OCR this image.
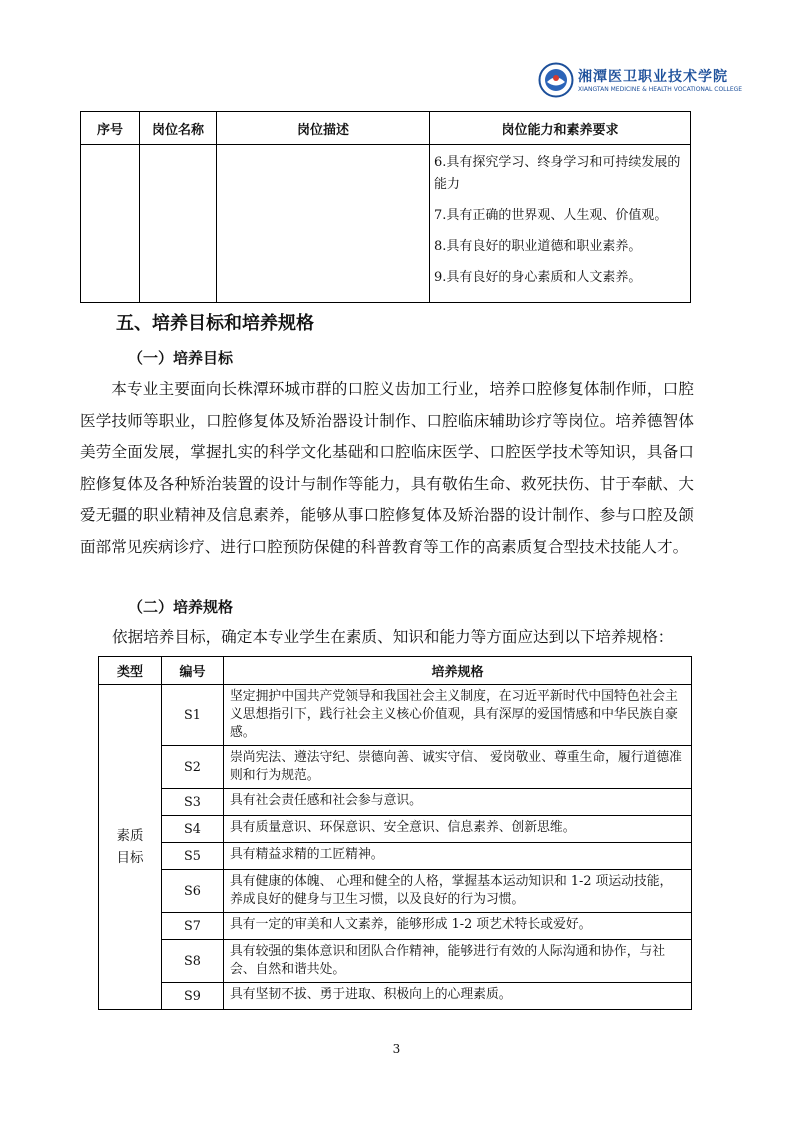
湘潭医卫职业技术学院
XIANGTAN MEDICINE & HEALTH VOCATIONAL COLLEGE
序号	岗位名称	岗位描述	岗位能力和素养要求

			6.具有探究学习、终身学习和可持续发展的能力
7.具有正确的世界观、人生观、价值观。
8.具有良好的职业道德和职业素养。
9.具有良好的身心素质和人文素养。
五、培养目标和培养规格
（一）培养目标
本专业主要面向长株潭环城市群的口腔义齿加工行业，培养口腔修复体制作师，口腔医学技师等职业，口腔修复体及矫治器设计制作、口腔临床辅助诊疗等岗位。培养德智体美劳全面发展，掌握扎实的科学文化基础和口腔临床医学、口腔医学技术等知识，具备口腔修复体及各种矫治装置的设计与制作等能力，具有敬佑生命、救死扶伤、甘于奉献、大爱无疆的职业精神及信息素养，能够从事口腔修复体及矫治器的设计制作、参与口腔及颌面部常见疾病诊疗、进行口腔预防保健的科普教育等工作的高素质复合型技术技能人才。
（二）培养规格
依据培养目标，确定本专业学生在素质、知识和能力等方面应达到以下培养规格：
类型	编号	培养规格

素质
目标	S1	坚定拥护中国共产党领导和我国社会主义制度，在习近平新时代中国特色社会主义思想指引下，践行社会主义核心价值观，具有深厚的爱国情感和中华民族自豪感。
	S2	崇尚宪法、遵法守纪、崇德向善、诚实守信、 爱岗敬业、尊重生命，履行道德准则和行为规范。
	S3	具有社会责任感和社会参与意识。
	S4	具有质量意识、环保意识、安全意识、信息素养、创新思维。
	S5	具有精益求精的工匠精神。
	S6	具有健康的体魄、 心理和健全的人格，掌握基本运动知识和 1-2 项运动技能，养成良好的健身与卫生习惯，以及良好的行为习惯。
	S7	具有一定的审美和人文素养，能够形成 1-2 项艺术特长或爱好。
	S8	具有较强的集体意识和团队合作精神，能够进行有效的人际沟通和协作，与社会、自然和谐共处。
	S9	具有坚韧不拔、勇于进取、积极向上的心理素质。
3
